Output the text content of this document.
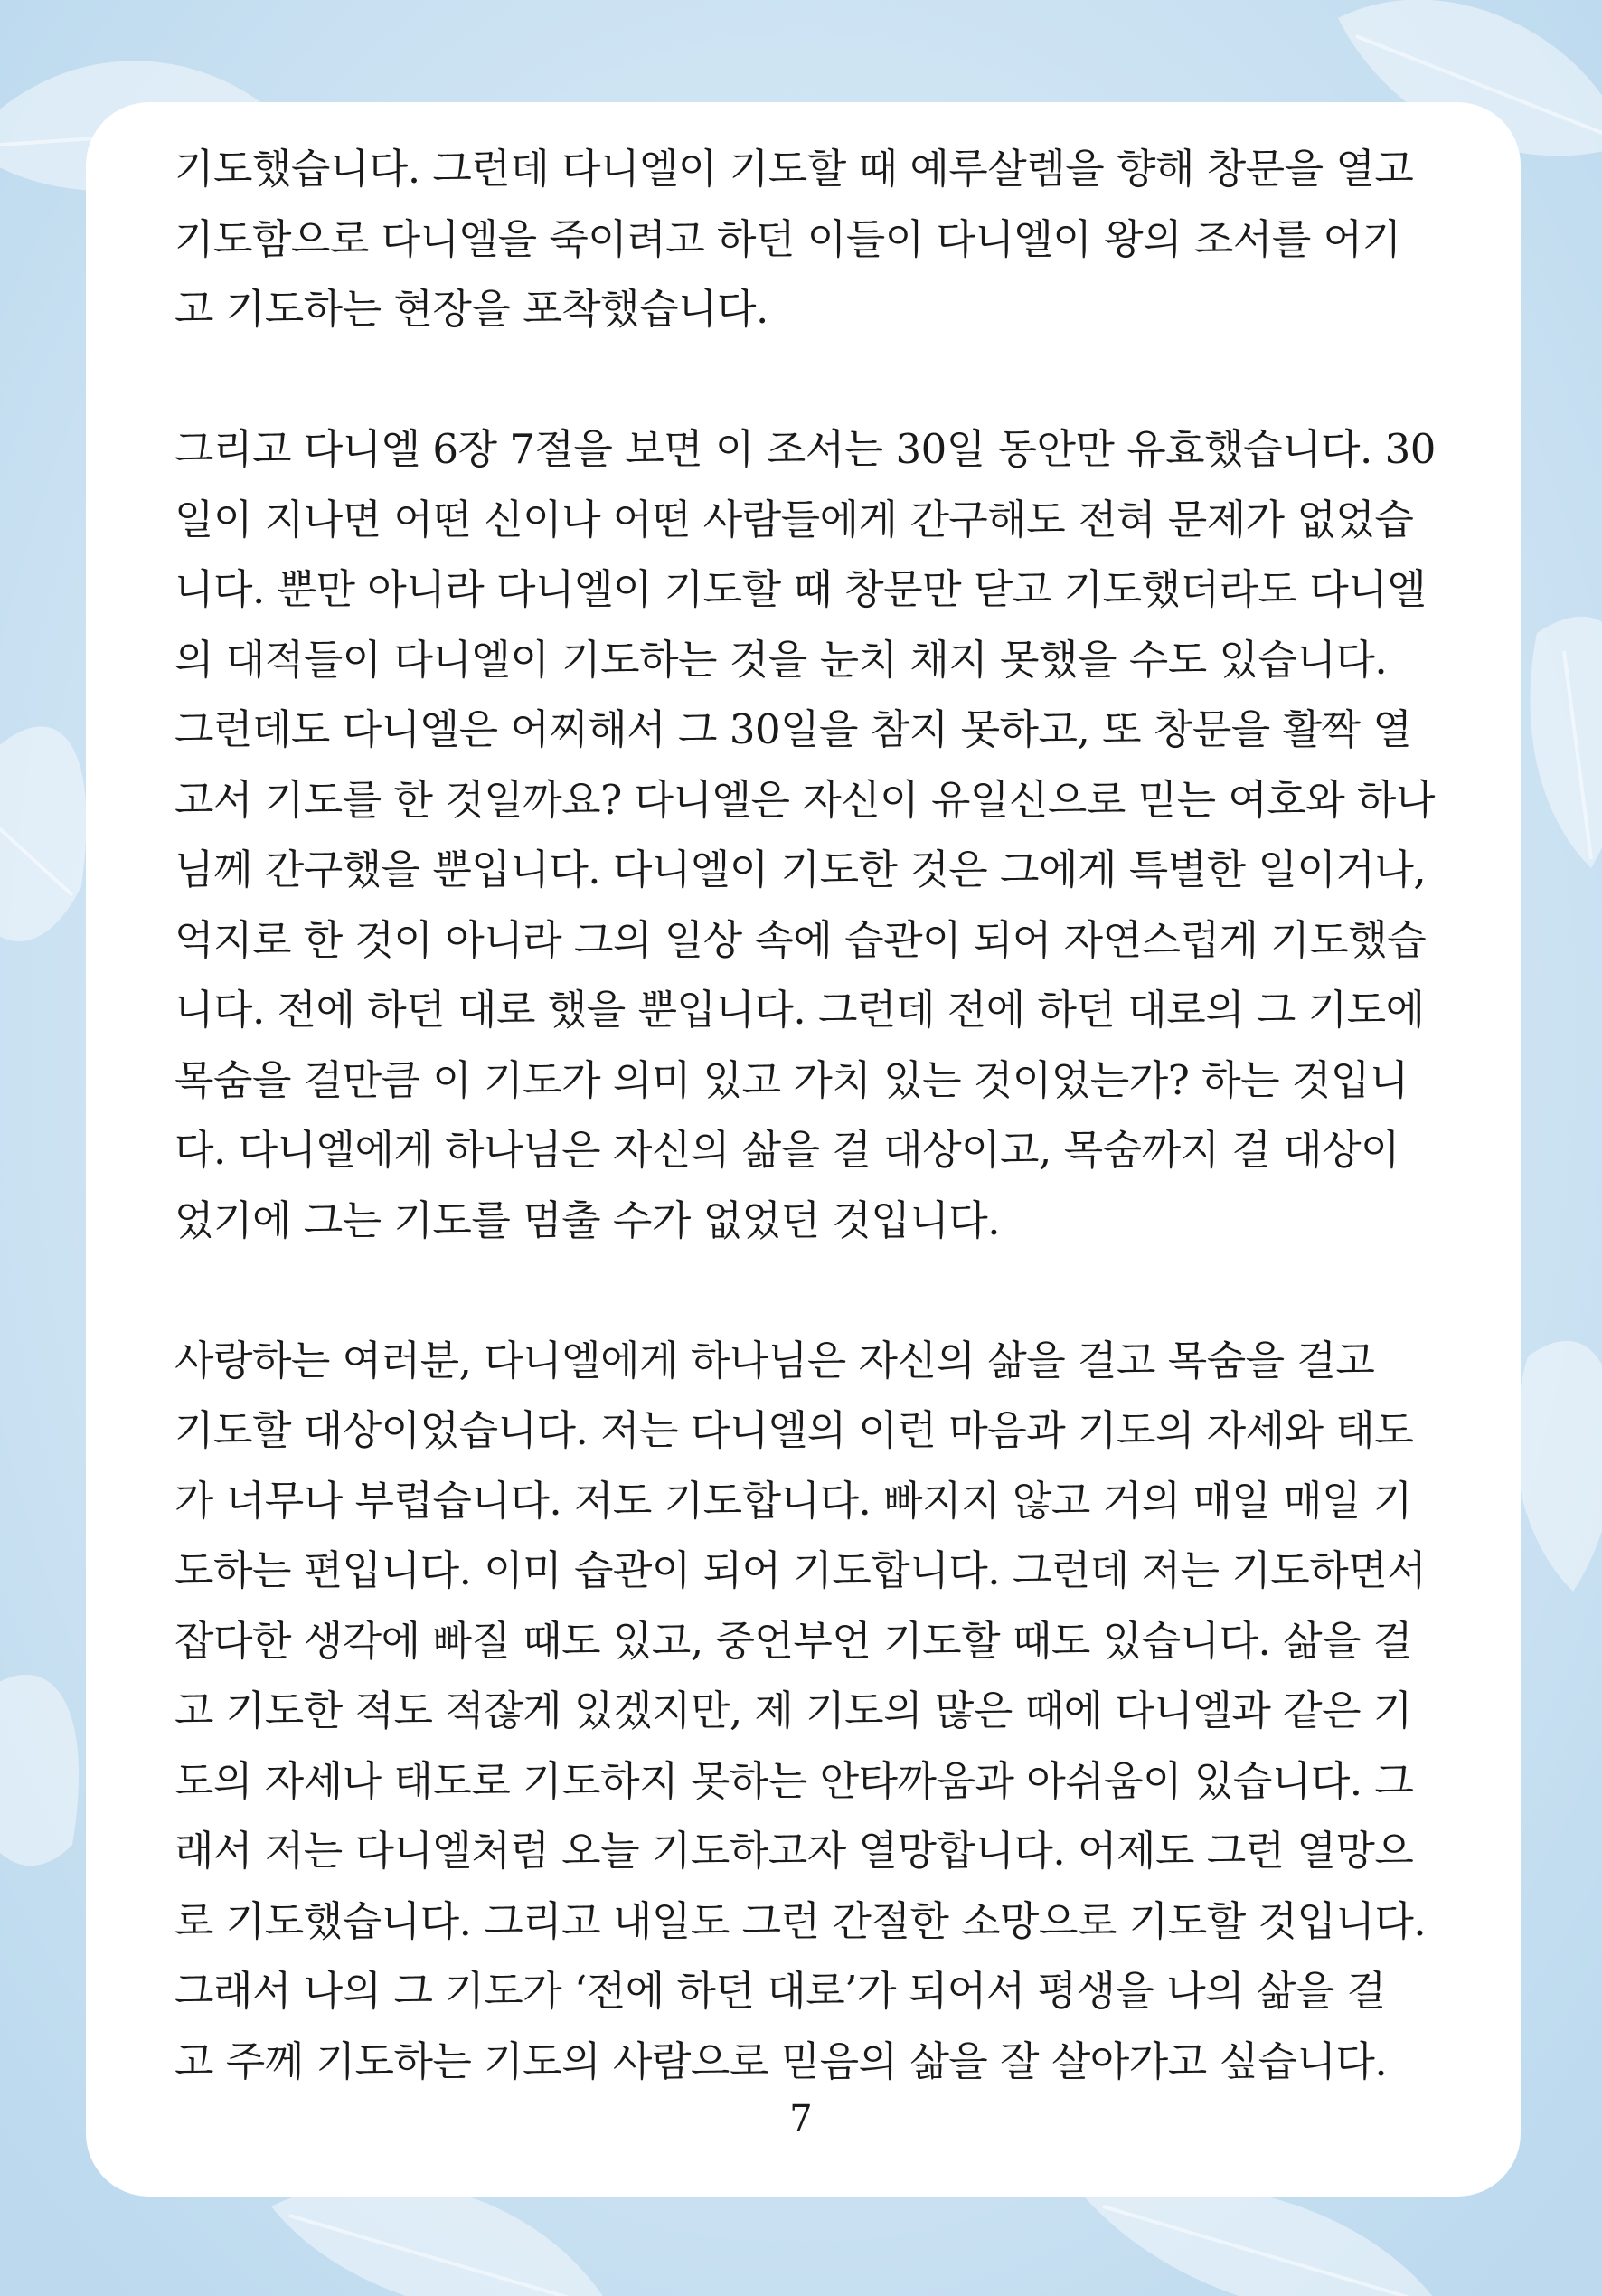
기도했습니다. 그런데 다니엘이 기도할 때 예루살렘을 향해 창문을 열고
기도함으로 다니엘을 죽이려고 하던 이들이 다니엘이 왕의 조서를 어기
고 기도하는 현장을 포착했습니다.
그리고 다니엘 6장 7절을 보면 이 조서는 30일 동안만 유효했습니다. 30
일이 지나면 어떤 신이나 어떤 사람들에게 간구해도 전혀 문제가 없었습
니다. 뿐만 아니라 다니엘이 기도할 때 창문만 닫고 기도했더라도 다니엘
의 대적들이 다니엘이 기도하는 것을 눈치 채지 못했을 수도 있습니다.
그런데도 다니엘은 어찌해서 그 30일을 참지 못하고, 또 창문을 활짝 열
고서 기도를 한 것일까요? 다니엘은 자신이 유일신으로 믿는 여호와 하나
님께 간구했을 뿐입니다. 다니엘이 기도한 것은 그에게 특별한 일이거나,
억지로 한 것이 아니라 그의 일상 속에 습관이 되어 자연스럽게 기도했습
니다. 전에 하던 대로 했을 뿐입니다. 그런데 전에 하던 대로의 그 기도에
목숨을 걸만큼 이 기도가 의미 있고 가치 있는 것이었는가? 하는 것입니
다. 다니엘에게 하나님은 자신의 삶을 걸 대상이고, 목숨까지 걸 대상이
었기에 그는 기도를 멈출 수가 없었던 것입니다.
사랑하는 여러분, 다니엘에게 하나님은 자신의 삶을 걸고 목숨을 걸고
기도할 대상이었습니다. 저는 다니엘의 이런 마음과 기도의 자세와 태도
가 너무나 부럽습니다. 저도 기도합니다. 빠지지 않고 거의 매일 매일 기
도하는 편입니다. 이미 습관이 되어 기도합니다. 그런데 저는 기도하면서
잡다한 생각에 빠질 때도 있고, 중언부언 기도할 때도 있습니다. 삶을 걸
고 기도한 적도 적잖게 있겠지만, 제 기도의 많은 때에 다니엘과 같은 기
도의 자세나 태도로 기도하지 못하는 안타까움과 아쉬움이 있습니다. 그
래서 저는 다니엘처럼 오늘 기도하고자 열망합니다. 어제도 그런 열망으
로 기도했습니다. 그리고 내일도 그런 간절한 소망으로 기도할 것입니다.
그래서 나의 그 기도가 ‘전에 하던 대로’가 되어서 평생을 나의 삶을 걸
고 주께 기도하는 기도의 사람으로 믿음의 삶을 잘 살아가고 싶습니다.
7
